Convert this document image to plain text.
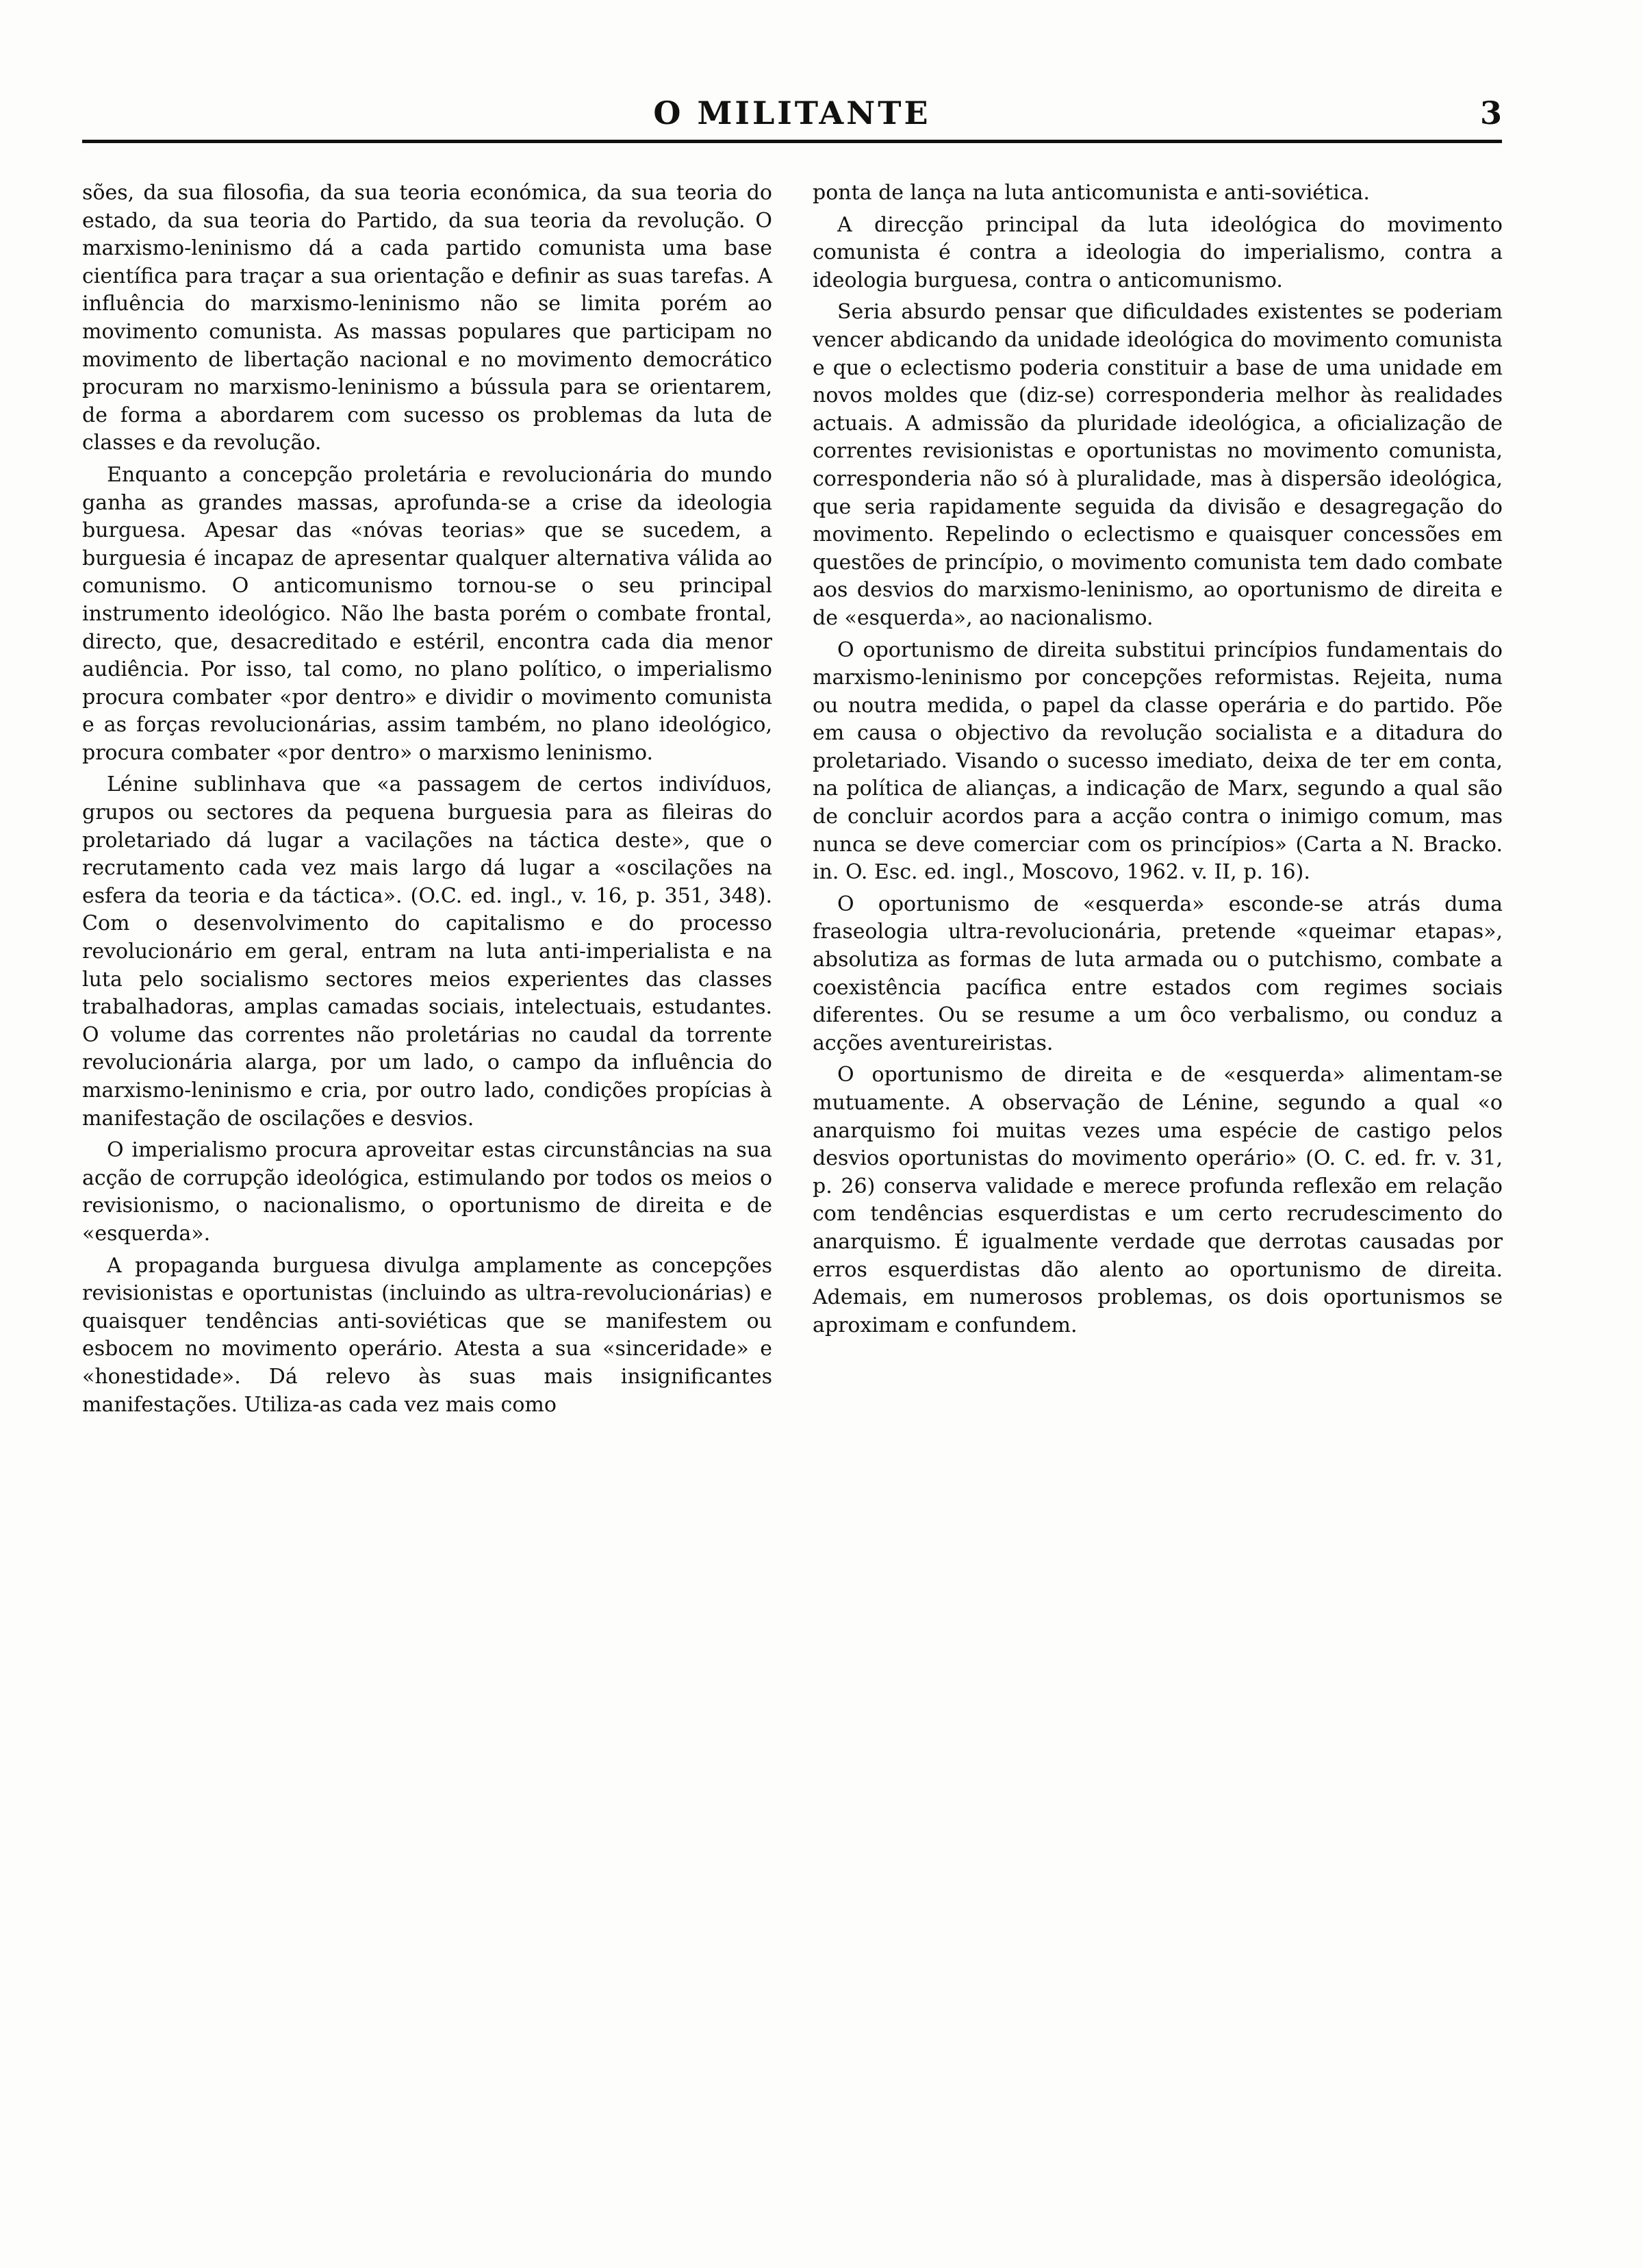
O MILITANTE	3

sões, da sua filosofia, da sua teoria económica, da sua teoria do estado, da sua teoria do Partido, da sua teoria da revolução. O marxismo-leninismo dá a cada partido comunista uma base científica para traçar a sua orientação e definir as suas tarefas. A influência do marxismo-leninismo não se limita porém ao movimento comunista. As massas populares que participam no movimento de libertação nacional e no movimento democrático procuram no marxismo-leninismo a bússula para se orientarem, de forma a abordarem com sucesso os problemas da luta de classes e da revolução.

Enquanto a concepção proletária e revolucionária do mundo ganha as grandes massas, aprofunda-se a crise da ideologia burguesa. Apesar das «nóvas teorias» que se sucedem, a burguesia é incapaz de apresentar qualquer alternativa válida ao comunismo. O anticomunismo tornou-se o seu principal instrumento ideológico. Não lhe basta porém o combate frontal, directo, que, desacreditado e estéril, encontra cada dia menor audiência. Por isso, tal como, no plano político, o imperialismo procura combater «por dentro» e dividir o movimento comunista e as forças revolucionárias, assim também, no plano ideológico, procura combater «por dentro» o marxismo leninismo.

Lénine sublinhava que «a passagem de certos indivíduos, grupos ou sectores da pequena burguesia para as fileiras do proletariado dá lugar a vacilações na táctica deste», que o recrutamento cada vez mais largo dá lugar a «oscilações na esfera da teoria e da táctica». (O.C. ed. ingl., v. 16, p. 351, 348). Com o desenvolvimento do capitalismo e do processo revolucionário em geral, entram na luta anti-imperialista e na luta pelo socialismo sectores meios experientes das classes trabalhadoras, amplas camadas sociais, intelectuais, estudantes. O volume das correntes não proletárias no caudal da torrente revolucionária alarga, por um lado, o campo da influência do marxismo-leninismo e cria, por outro lado, condições propícias à manifestação de oscilações e desvios.

O imperialismo procura aproveitar estas circunstâncias na sua acção de corrupção ideológica, estimulando por todos os meios o revisionismo, o nacionalismo, o oportunismo de direita e de «esquerda».

A propaganda burguesa divulga amplamente as concepções revisionistas e oportunistas (incluindo as ultra-revolucionárias) e quaisquer tendências anti-soviéticas que se manifestem ou esbocem no movimento operário. Atesta a sua «sinceridade» e «honestidade». Dá relevo às suas mais insignificantes manifestações. Utiliza-as cada vez mais como

ponta de lança na luta anticomunista e anti-soviética.

A direcção principal da luta ideológica do movimento comunista é contra a ideologia do imperialismo, contra a ideologia burguesa, contra o anticomunismo.

Seria absurdo pensar que dificuldades existentes se poderiam vencer abdicando da unidade ideológica do movimento comunista e que o eclectismo poderia constituir a base de uma unidade em novos moldes que (diz-se) corresponderia melhor às realidades actuais. A admissão da pluridade ideológica, a oficialização de correntes revisionistas e oportunistas no movimento comunista, corresponderia não só à pluralidade, mas à dispersão ideológica, que seria rapidamente seguida da divisão e desagregação do movimento. Repelindo o eclectismo e quaisquer concessões em questões de princípio, o movimento comunista tem dado combate aos desvios do marxismo-leninismo, ao oportunismo de direita e de «esquerda», ao nacionalismo.

O oportunismo de direita substitui princípios fundamentais do marxismo-leninismo por concepções reformistas. Rejeita, numa ou noutra medida, o papel da classe operária e do partido. Põe em causa o objectivo da revolução socialista e a ditadura do proletariado. Visando o sucesso imediato, deixa de ter em conta, na política de alianças, a indicação de Marx, segundo a qual são de concluir acordos para a acção contra o inimigo comum, mas nunca se deve comerciar com os princípios» (Carta a N. Bracko. in. O. Esc. ed. ingl., Moscovo, 1962. v. II, p. 16).

O oportunismo de «esquerda» esconde-se atrás duma fraseologia ultra-revolucionária, pretende «queimar etapas», absolutiza as formas de luta armada ou o putchismo, combate a coexistência pacífica entre estados com regimes sociais diferentes. Ou se resume a um ôco verbalismo, ou conduz a acções aventureiristas.

O oportunismo de direita e de «esquerda» alimentam-se mutuamente. A observação de Lénine, segundo a qual «o anarquismo foi muitas vezes uma espécie de castigo pelos desvios oportunistas do movimento operário» (O. C. ed. fr. v. 31, p. 26) conserva validade e merece profunda reflexão em relação com tendências esquerdistas e um certo recrudescimento do anarquismo. É igualmente verdade que derrotas causadas por erros esquerdistas dão alento ao oportunismo de direita. Ademais, em numerosos problemas, os dois oportunismos se aproximam e confundem.
